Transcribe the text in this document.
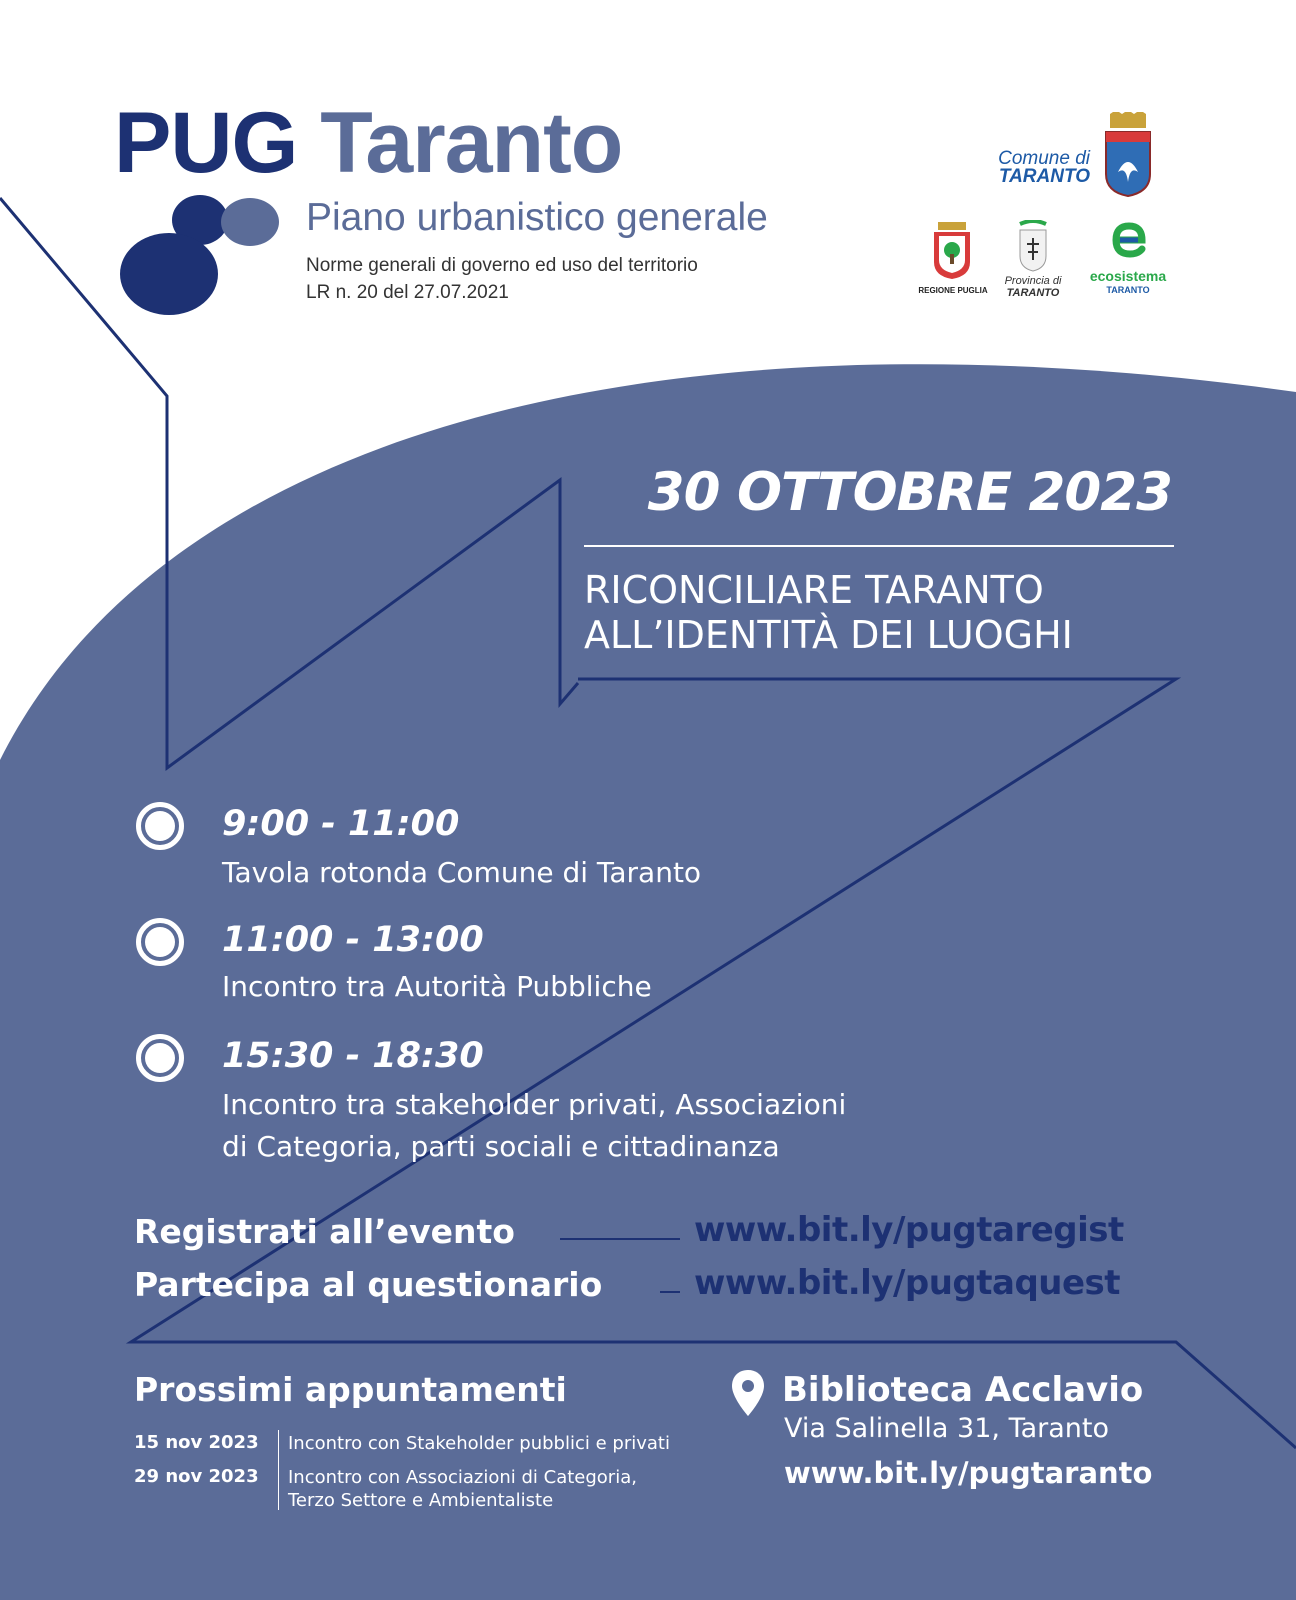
PUG Taranto
Piano urbanistico generale
Norme generali di governo ed uso del territorio
LR n. 20 del 27.07.2021
Comune di
TARANTO
REGIONE PUGLIA
Provincia di
TARANTO
ecosistema
TARANTO
30 OTTOBRE 2023
RICONCILIARE TARANTO
ALL’IDENTITÀ DEI LUOGHI
9:00 - 11:00
Tavola rotonda Comune di Taranto
11:00 - 13:00
Incontro tra Autorità Pubbliche
15:30 - 18:30
Incontro tra stakeholder privati, Associazioni
di Categoria, parti sociali e cittadinanza
Registrati all’evento	www.bit.ly/pugtaregist
Partecipa al questionario	www.bit.ly/pugtaquest
Prossimi appuntamenti
15 nov 2023 Incontro con Stakeholder pubblici e privati
29 nov 2023 Incontro con Associazioni di Categoria,
Terzo Settore e Ambientaliste
Biblioteca Acclavio
Via Salinella 31, Taranto
www.bit.ly/pugtaranto
